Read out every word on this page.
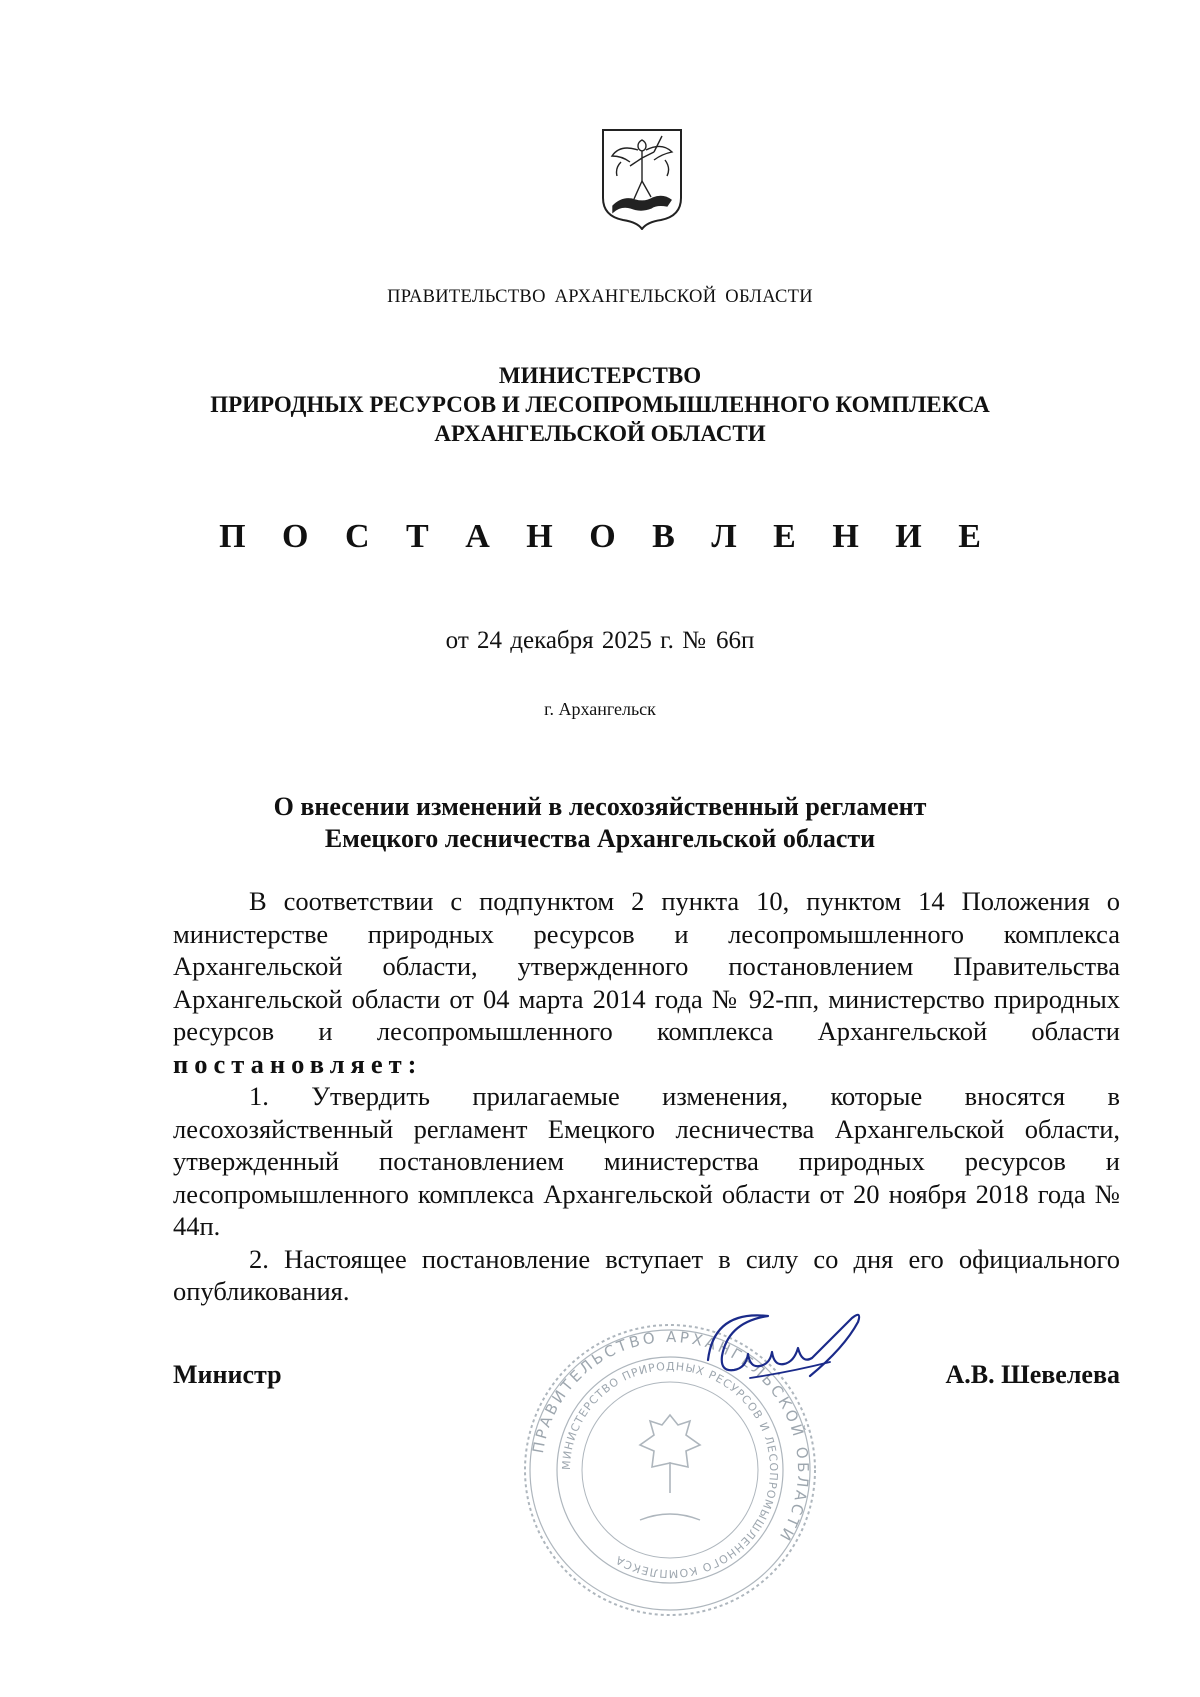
ПРАВИТЕЛЬСТВО АРХАНГЕЛЬСКОЙ ОБЛАСТИ
МИНИСТЕРСТВО
ПРИРОДНЫХ РЕСУРСОВ И ЛЕСОПРОМЫШЛЕННОГО КОМПЛЕКСА
АРХАНГЕЛЬСКОЙ ОБЛАСТИ
П О С Т А Н О В Л Е Н И Е
от 24 декабря 2025 г. № 66п
г. Архангельск
О внесении изменений в лесохозяйственный регламент
Емецкого лесничества Архангельской области

В соответствии с подпунктом 2 пункта 10, пунктом 14 Положения о министерстве природных ресурсов и лесопромышленного комплекса Архангельской области, утвержденного постановлением Правительства Архангельской области от 04 марта 2014 года № 92-пп, министерство природных ресурсов и лесопромышленного комплекса Архангельской области постановляет:

1. Утвердить прилагаемые изменения, которые вносятся в лесохозяйственный регламент Емецкого лесничества Архангельской области, утвержденный постановлением министерства природных ресурсов и лесопромышленного комплекса Архангельской области от 20 ноября 2018 года № 44п.

2. Настоящее постановление вступает в силу со дня его официального опубликования.

ПРАВИТЕЛЬСТВО АРХАНГЕЛЬСКОЙ ОБЛАСТИ
МИНИСТЕРСТВО ПРИРОДНЫХ РЕСУРСОВ И ЛЕСОПРОМЫШЛЕННОГО КОМПЛЕКСА
Министр	А.В. Шевелева
